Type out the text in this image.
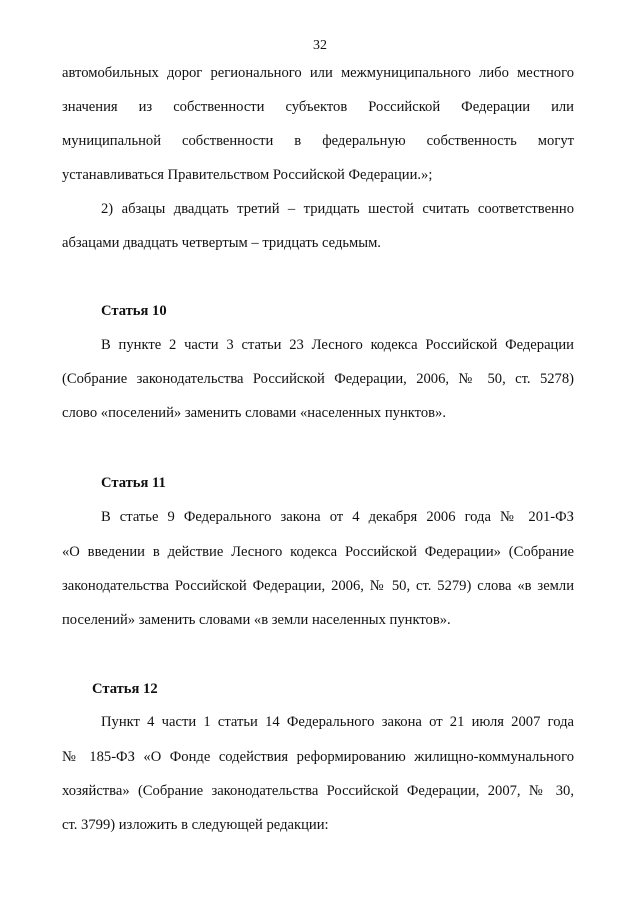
32
автомобильных дорог регионального или межмуниципального либо местного
значения из собственности субъектов Российской Федерации или
муниципальной собственности в федеральную собственность могут
устанавливаться Правительством Российской Федерации.»;
2) абзацы двадцать третий – тридцать шестой считать соответственно
абзацами двадцать четвертым – тридцать седьмым.
Статья 10
В пункте 2 части 3 статьи 23 Лесного кодекса Российской Федерации
(Собрание законодательства Российской Федерации, 2006, № 50, ст. 5278)
слово «поселений» заменить словами «населенных пунктов».
Статья 11
В статье 9 Федерального закона от 4 декабря 2006 года № 201-ФЗ
«О введении в действие Лесного кодекса Российской Федерации» (Собрание
законодательства Российской Федерации, 2006, № 50, ст. 5279) слова «в земли
поселений» заменить словами «в земли населенных пунктов».
Статья 12
Пункт 4 части 1 статьи 14 Федерального закона от 21 июля 2007 года
№ 185-ФЗ «О Фонде содействия реформированию жилищно-коммунального
хозяйства» (Собрание законодательства Российской Федерации, 2007, № 30,
ст. 3799) изложить в следующей редакции:
